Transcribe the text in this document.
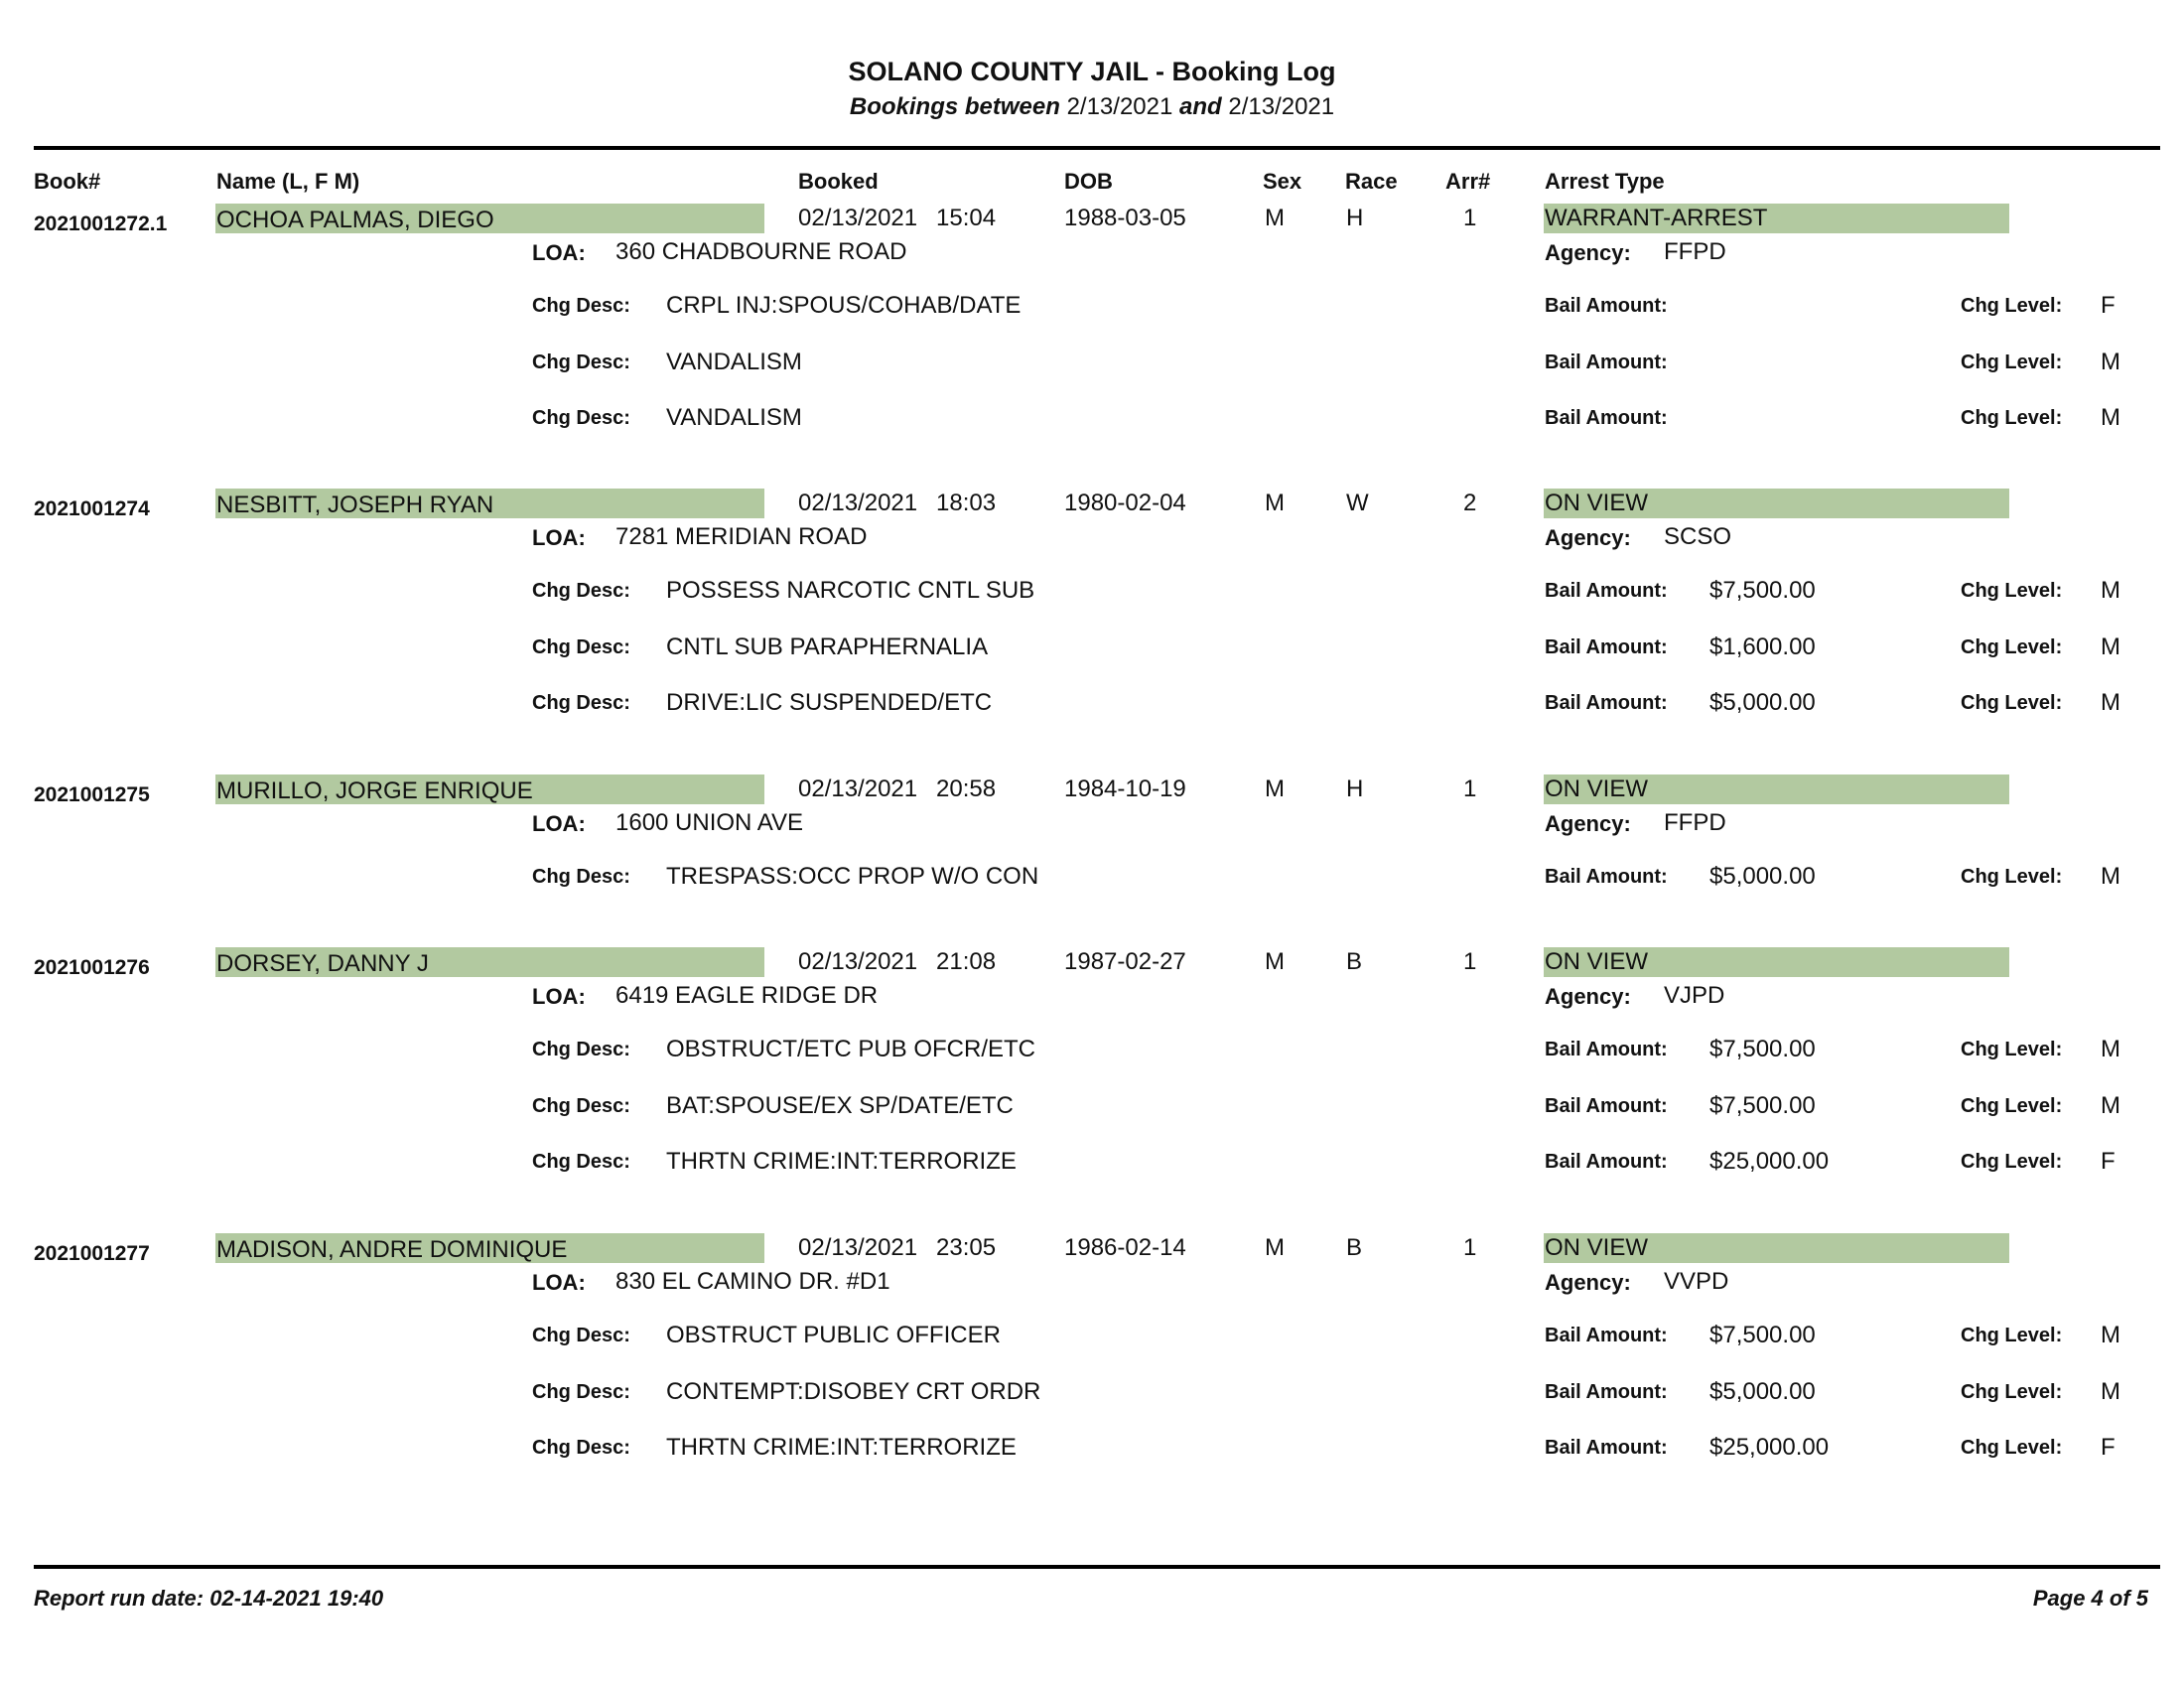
SOLANO COUNTY JAIL - Booking Log
Bookings between 2/13/2021 and 2/13/2021
Book#	Name (L, F M)	Booked	DOB	Sex Race Arr# Arrest Type
2021001272.1 OCHOA PALMAS, DIEGO	02/13/2021 15:04	1988-03-05	M	H	1	WARRANT-ARREST
LOA: 360 CHADBOURNE ROAD	Agency: FFPD
Chg Desc: CRPL INJ:SPOUS/COHAB/DATE	Bail Amount:	Chg Level: F
Chg Desc: VANDALISM	Bail Amount:	Chg Level: M
Chg Desc: VANDALISM	Bail Amount:	Chg Level: M
2021001274	NESBITT, JOSEPH RYAN	02/13/2021 18:03	1980-02-04	M	W	2	ON VIEW
LOA: 7281 MERIDIAN ROAD	Agency: SCSO
Chg Desc: POSSESS NARCOTIC CNTL SUB	Bail Amount: $7,500.00	Chg Level: M
Chg Desc: CNTL SUB PARAPHERNALIA	Bail Amount: $1,600.00	Chg Level: M
Chg Desc: DRIVE:LIC SUSPENDED/ETC	Bail Amount: $5,000.00	Chg Level: M
2021001275	MURILLO, JORGE ENRIQUE	02/13/2021 20:58	1984-10-19	M	H	1	ON VIEW
LOA: 1600 UNION AVE	Agency: FFPD
Chg Desc: TRESPASS:OCC PROP W/O CON	Bail Amount: $5,000.00	Chg Level: M
2021001276	DORSEY, DANNY J	02/13/2021 21:08	1987-02-27	M	B	1	ON VIEW
LOA: 6419 EAGLE RIDGE DR	Agency: VJPD
Chg Desc: OBSTRUCT/ETC PUB OFCR/ETC	Bail Amount: $7,500.00	Chg Level: M
Chg Desc: BAT:SPOUSE/EX SP/DATE/ETC	Bail Amount: $7,500.00	Chg Level: M
Chg Desc: THRTN CRIME:INT:TERRORIZE	Bail Amount: $25,000.00	Chg Level: F
2021001277	MADISON, ANDRE DOMINIQUE	02/13/2021 23:05	1986-02-14	M	B	1	ON VIEW
LOA: 830 EL CAMINO DR. #D1	Agency: VVPD
Chg Desc: OBSTRUCT PUBLIC OFFICER	Bail Amount: $7,500.00	Chg Level: M
Chg Desc: CONTEMPT:DISOBEY CRT ORDR	Bail Amount: $5,000.00	Chg Level: M
Chg Desc: THRTN CRIME:INT:TERRORIZE	Bail Amount: $25,000.00	Chg Level: F
Report run date: 02-14-2021 19:40	Page 4 of 5
